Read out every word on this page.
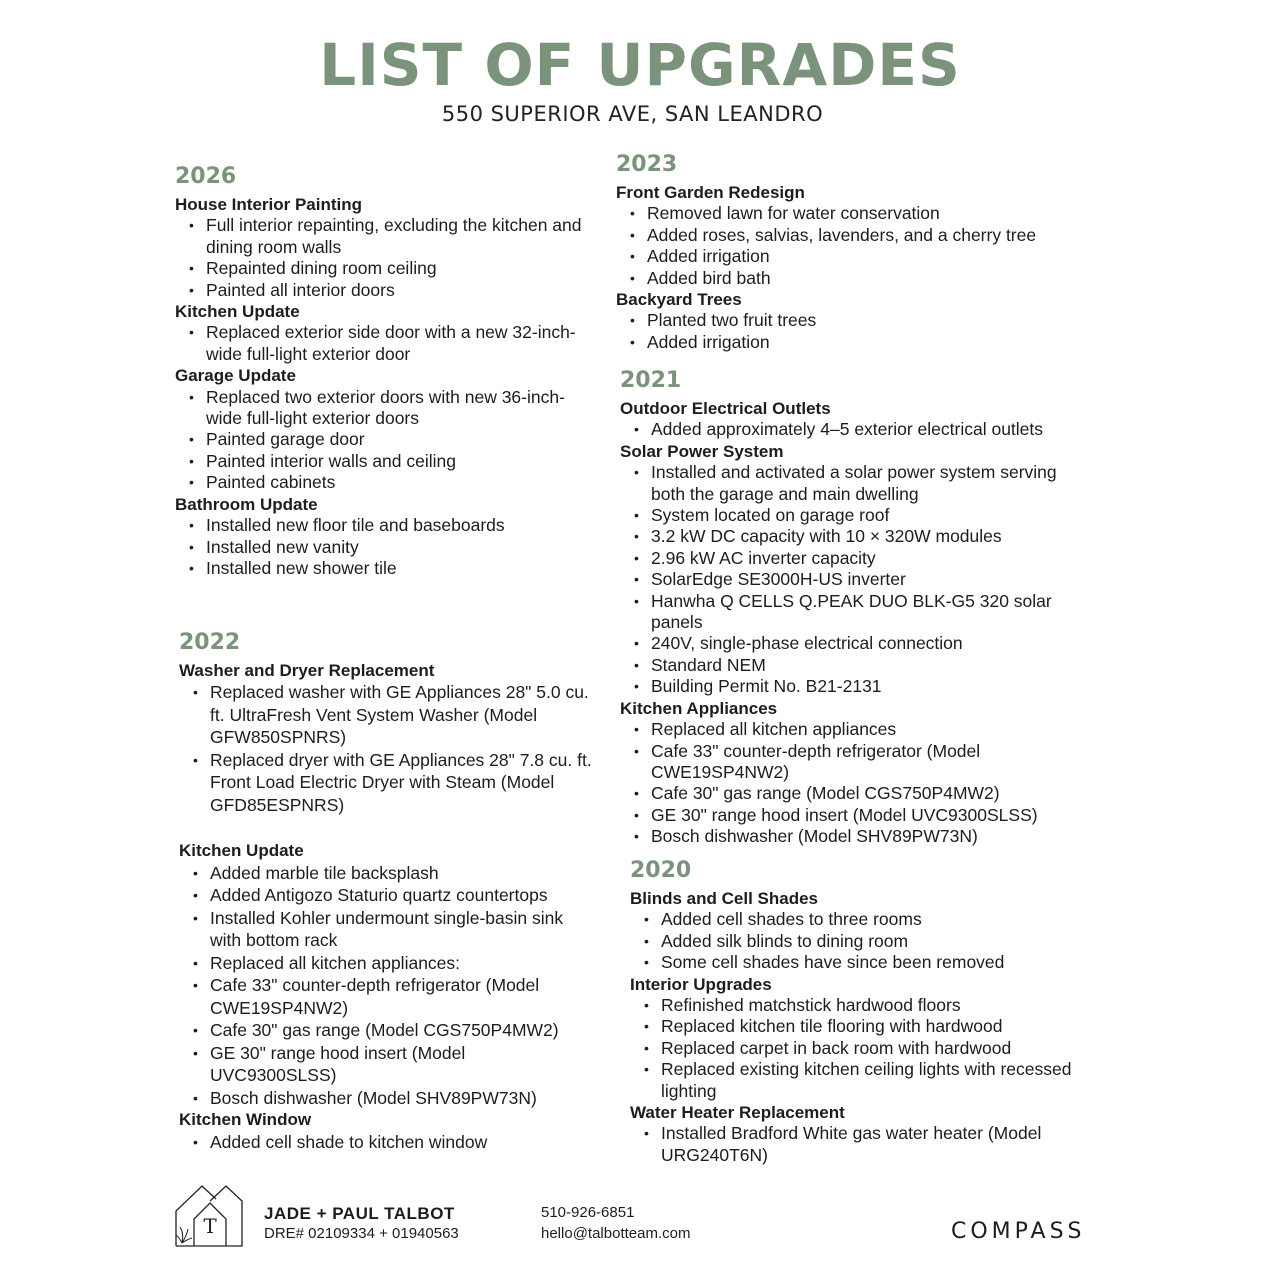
LIST OF UPGRADES

550 SUPERIOR AVE, SAN LEANDRO

2026
House Interior Painting
• Full interior repainting, excluding the kitchen and dining room walls
• Repainted dining room ceiling
• Painted all interior doors
Kitchen Update
• Replaced exterior side door with a new 32-inch-wide full-light exterior door
Garage Update
• Replaced two exterior doors with new 36-inch-wide full-light exterior doors
• Painted garage door
• Painted interior walls and ceiling
• Painted cabinets
Bathroom Update
• Installed new floor tile and baseboards
• Installed new vanity
• Installed new shower tile
2022
Washer and Dryer Replacement
• Replaced washer with GE Appliances 28" 5.0 cu. ft. UltraFresh Vent System Washer (Model GFW850SPNRS)
• Replaced dryer with GE Appliances 28" 7.8 cu. ft. Front Load Electric Dryer with Steam (Model GFD85ESPNRS)
Kitchen Update
• Added marble tile backsplash
• Added Antigozo Staturio quartz countertops
• Installed Kohler undermount single-basin sink with bottom rack
• Replaced all kitchen appliances:
• Cafe 33" counter-depth refrigerator (Model CWE19SP4NW2)
• Cafe 30" gas range (Model CGS750P4MW2)
• GE 30" range hood insert (Model UVC9300SLSS)
• Bosch dishwasher (Model SHV89PW73N)
Kitchen Window
• Added cell shade to kitchen window
2023
Front Garden Redesign
• Removed lawn for water conservation
• Added roses, salvias, lavenders, and a cherry tree
• Added irrigation
• Added bird bath
Backyard Trees
• Planted two fruit trees
• Added irrigation
2021
Outdoor Electrical Outlets
• Added approximately 4–5 exterior electrical outlets
Solar Power System
• Installed and activated a solar power system serving both the garage and main dwelling
• System located on garage roof
• 3.2 kW DC capacity with 10 × 320W modules
• 2.96 kW AC inverter capacity
• SolarEdge SE3000H-US inverter
• Hanwha Q CELLS Q.PEAK DUO BLK-G5 320 solar panels
• 240V, single-phase electrical connection
• Standard NEM
• Building Permit No. B21-2131
Kitchen Appliances
• Replaced all kitchen appliances
• Cafe 33" counter-depth refrigerator (Model CWE19SP4NW2)
• Cafe 30" gas range (Model CGS750P4MW2)
• GE 30" range hood insert (Model UVC9300SLSS)
• Bosch dishwasher (Model SHV89PW73N)
2020
Blinds and Cell Shades
• Added cell shades to three rooms
• Added silk blinds to dining room
• Some cell shades have since been removed
Interior Upgrades
• Refinished matchstick hardwood floors
• Replaced kitchen tile flooring with hardwood
• Replaced carpet in back room with hardwood
• Replaced existing kitchen ceiling lights with recessed lighting
Water Heater Replacement
• Installed Bradford White gas water heater (Model URG240T6N)
T

JADE + PAUL TALBOT

DRE# 02109334 + 01940563

510-926-6851

hello@talbotteam.com	COMPASS
